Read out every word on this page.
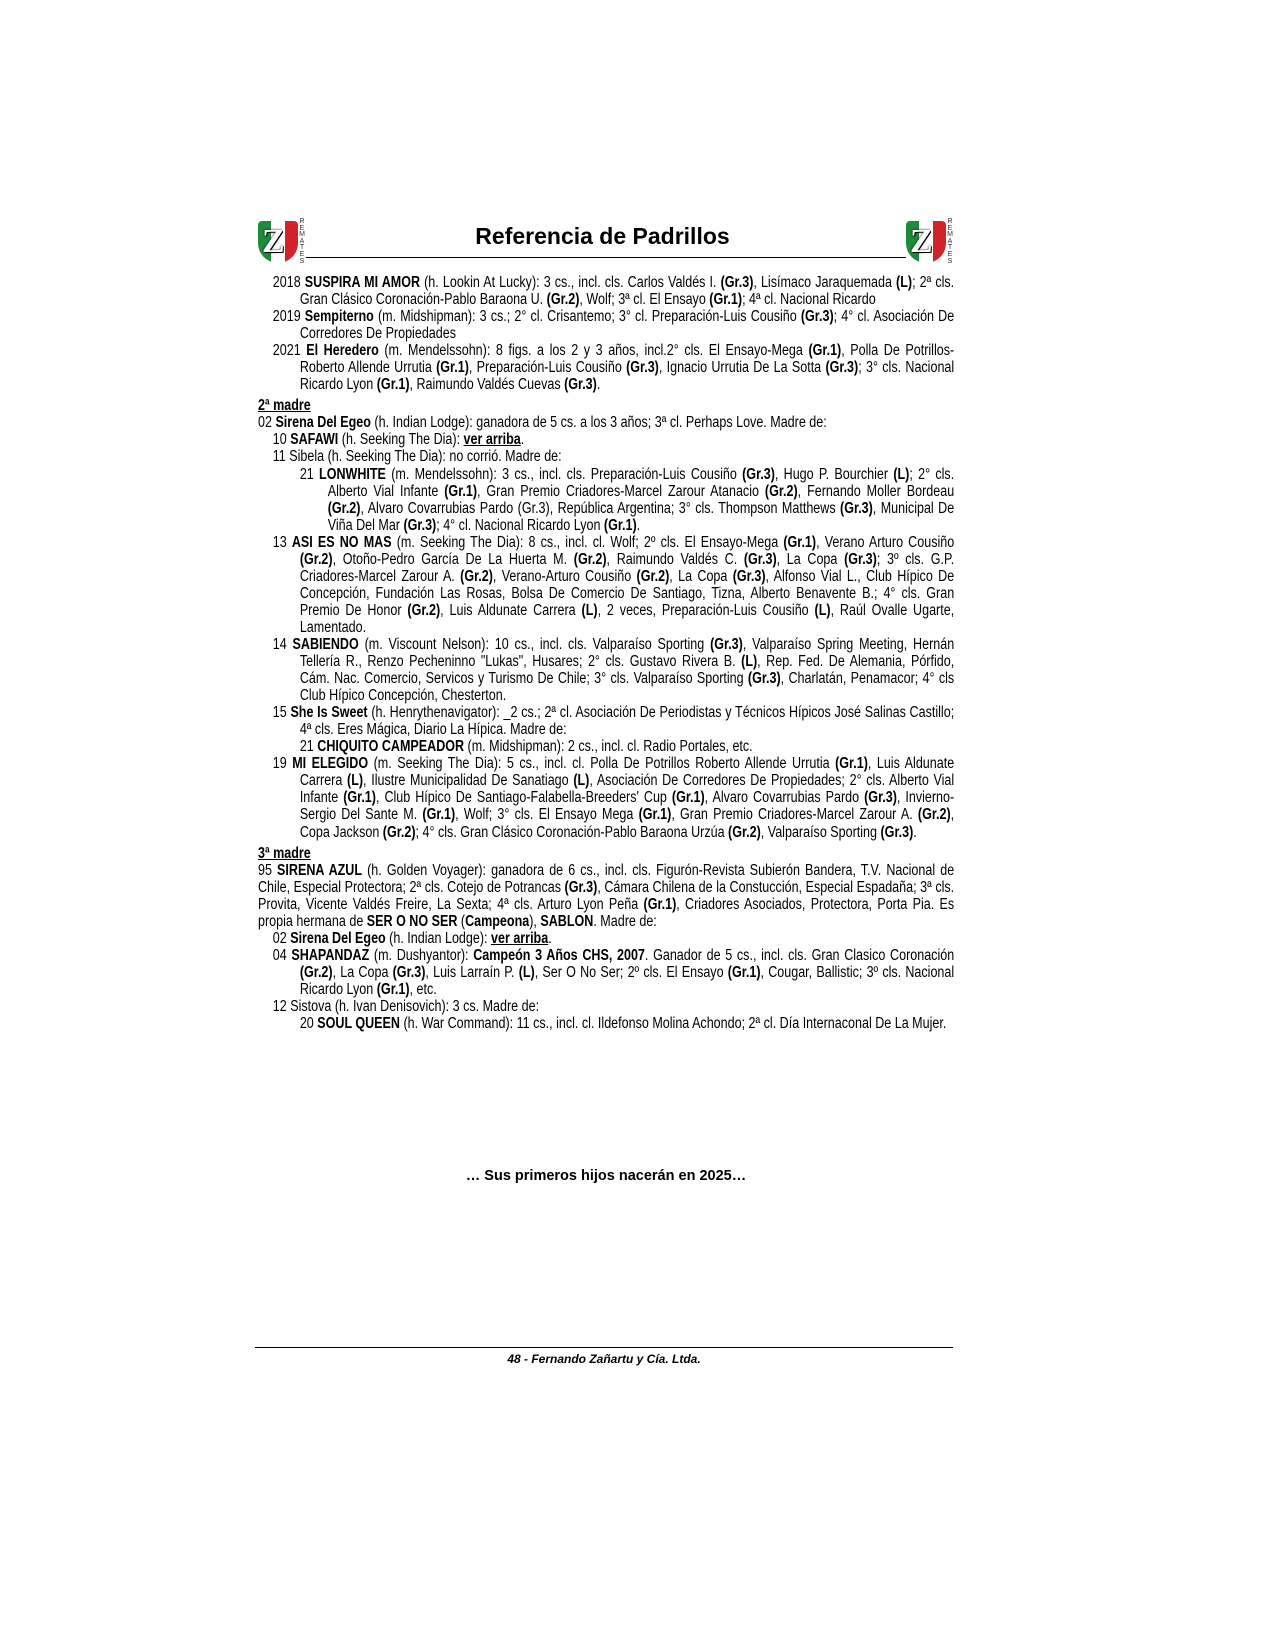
Z
R
E
M
A
T
E
S
Z
R
E
M
A
T
E
S
Referencia de Padrillos

2018 SUSPIRA MI AMOR (h. Lookin At Lucky): 3 cs., incl. cls. Carlos Valdés I. (Gr.3), Lisímaco Jaraquemada (L); 2ª cls. Gran Clásico Coronación-Pablo Baraona U. (Gr.2), Wolf; 3ª cl. El Ensayo (Gr.1); 4ª cl. Nacional Ricardo

2019 Sempiterno (m. Midshipman): 3 cs.; 2° cl. Crisantemo; 3° cl. Preparación-Luis Cousiño (Gr.3); 4° cl. Asociación De Corredores De Propiedades

2021 El Heredero (m. Mendelssohn): 8 figs. a los 2 y 3 años, incl.2° cls. El Ensayo-Mega (Gr.1), Polla De Potrillos-Roberto Allende Urrutia (Gr.1), Preparación-Luis Cousiño (Gr.3), Ignacio Urrutia De La Sotta (Gr.3); 3° cls. Nacional Ricardo Lyon (Gr.1), Raimundo Valdés Cuevas (Gr.3).

2ª madre

02 Sirena Del Egeo (h. Indian Lodge): ganadora de 5 cs. a los 3 años; 3ª cl. Perhaps Love. Madre de:

10 SAFAWI (h. Seeking The Dia): ver arriba.

11 Sibela (h. Seeking The Dia): no corrió. Madre de:

21 LONWHITE (m. Mendelssohn): 3 cs., incl. cls. Preparación-Luis Cousiño (Gr.3), Hugo P. Bourchier (L); 2° cls. Alberto Vial Infante (Gr.1), Gran Premio Criadores-Marcel Zarour Atanacio (Gr.2), Fernando Moller Bordeau (Gr.2), Alvaro Covarrubias Pardo (Gr.3), República Argentina; 3° cls. Thompson Matthews (Gr.3), Municipal De Viña Del Mar (Gr.3); 4° cl. Nacional Ricardo Lyon (Gr.1).

13 ASI ES NO MAS (m. Seeking The Dia): 8 cs., incl. cl. Wolf; 2º cls. El Ensayo-Mega (Gr.1), Verano Arturo Cousiño (Gr.2), Otoño-Pedro García De La Huerta M. (Gr.2), Raimundo Valdés C. (Gr.3), La Copa (Gr.3); 3º cls. G.P. Criadores-Marcel Zarour A. (Gr.2), Verano-Arturo Cousiño (Gr.2), La Copa (Gr.3), Alfonso Vial L., Club Hípico De Concepción, Fundación Las Rosas, Bolsa De Comercio De Santiago, Tizna, Alberto Benavente B.; 4° cls. Gran Premio De Honor (Gr.2), Luis Aldunate Carrera (L), 2 veces, Preparación-Luis Cousiño (L), Raúl Ovalle Ugarte, Lamentado.

14 SABIENDO (m. Viscount Nelson): 10 cs., incl. cls. Valparaíso Sporting (Gr.3), Valparaíso Spring Meeting, Hernán Tellería R., Renzo Pecheninno "Lukas", Husares; 2° cls. Gustavo Rivera B. (L), Rep. Fed. De Alemania, Pórfido, Cám. Nac. Comercio, Servicos y Turismo De Chile; 3° cls. Valparaíso Sporting (Gr.3), Charlatán, Penamacor; 4° cls Club Hípico Concepción, Chesterton.

15 She Is Sweet (h. Henrythenavigator): _2 cs.; 2ª cl. Asociación De Periodistas y Técnicos Hípicos José Salinas Castillo; 4ª cls. Eres Mágica, Diario La Hípica. Madre de:

21 CHIQUITO CAMPEADOR (m. Midshipman): 2 cs., incl. cl. Radio Portales, etc.

19 MI ELEGIDO (m. Seeking The Dia): 5 cs., incl. cl. Polla De Potrillos Roberto Allende Urrutia (Gr.1), Luis Aldunate Carrera (L), Ilustre Municipalidad De Sanatiago (L), Asociación De Corredores De Propiedades; 2° cls. Alberto Vial Infante (Gr.1), Club Hípico De Santiago-Falabella-Breeders' Cup (Gr.1), Alvaro Covarrubias Pardo (Gr.3), Invierno-Sergio Del Sante M. (Gr.1), Wolf; 3° cls. El Ensayo Mega (Gr.1), Gran Premio Criadores-Marcel Zarour A. (Gr.2), Copa Jackson (Gr.2); 4° cls. Gran Clásico Coronación-Pablo Baraona Urzúa (Gr.2), Valparaíso Sporting (Gr.3).

3ª madre

95 SIRENA AZUL (h. Golden Voyager): ganadora de 6 cs., incl. cls. Figurón-Revista Subierón Bandera, T.V. Nacional de Chile, Especial Protectora; 2ª cls. Cotejo de Potrancas (Gr.3), Cámara Chilena de la Constucción, Especial Espadaña; 3ª cls. Provita, Vicente Valdés Freire, La Sexta; 4ª cls. Arturo Lyon Peña (Gr.1), Criadores Asociados, Protectora, Porta Pia. Es propia hermana de SER O NO SER (Campeona), SABLON. Madre de:

02 Sirena Del Egeo (h. Indian Lodge): ver arriba.

04 SHAPANDAZ (m. Dushyantor): Campeón 3 Años CHS, 2007. Ganador de 5 cs., incl. cls. Gran Clasico Coronación (Gr.2), La Copa (Gr.3), Luis Larraín P. (L), Ser O No Ser; 2º cls. El Ensayo (Gr.1), Cougar, Ballistic; 3º cls. Nacional Ricardo Lyon (Gr.1), etc.

12 Sistova (h. Ivan Denisovich): 3 cs. Madre de:

20 SOUL QUEEN (h. War Command): 11 cs., incl. cl. Ildefonso Molina Achondo; 2ª cl. Día Internaconal De La Mujer.

… Sus primeros hijos nacerán en 2025…
48 - Fernando Zañartu y Cía. Ltda.
